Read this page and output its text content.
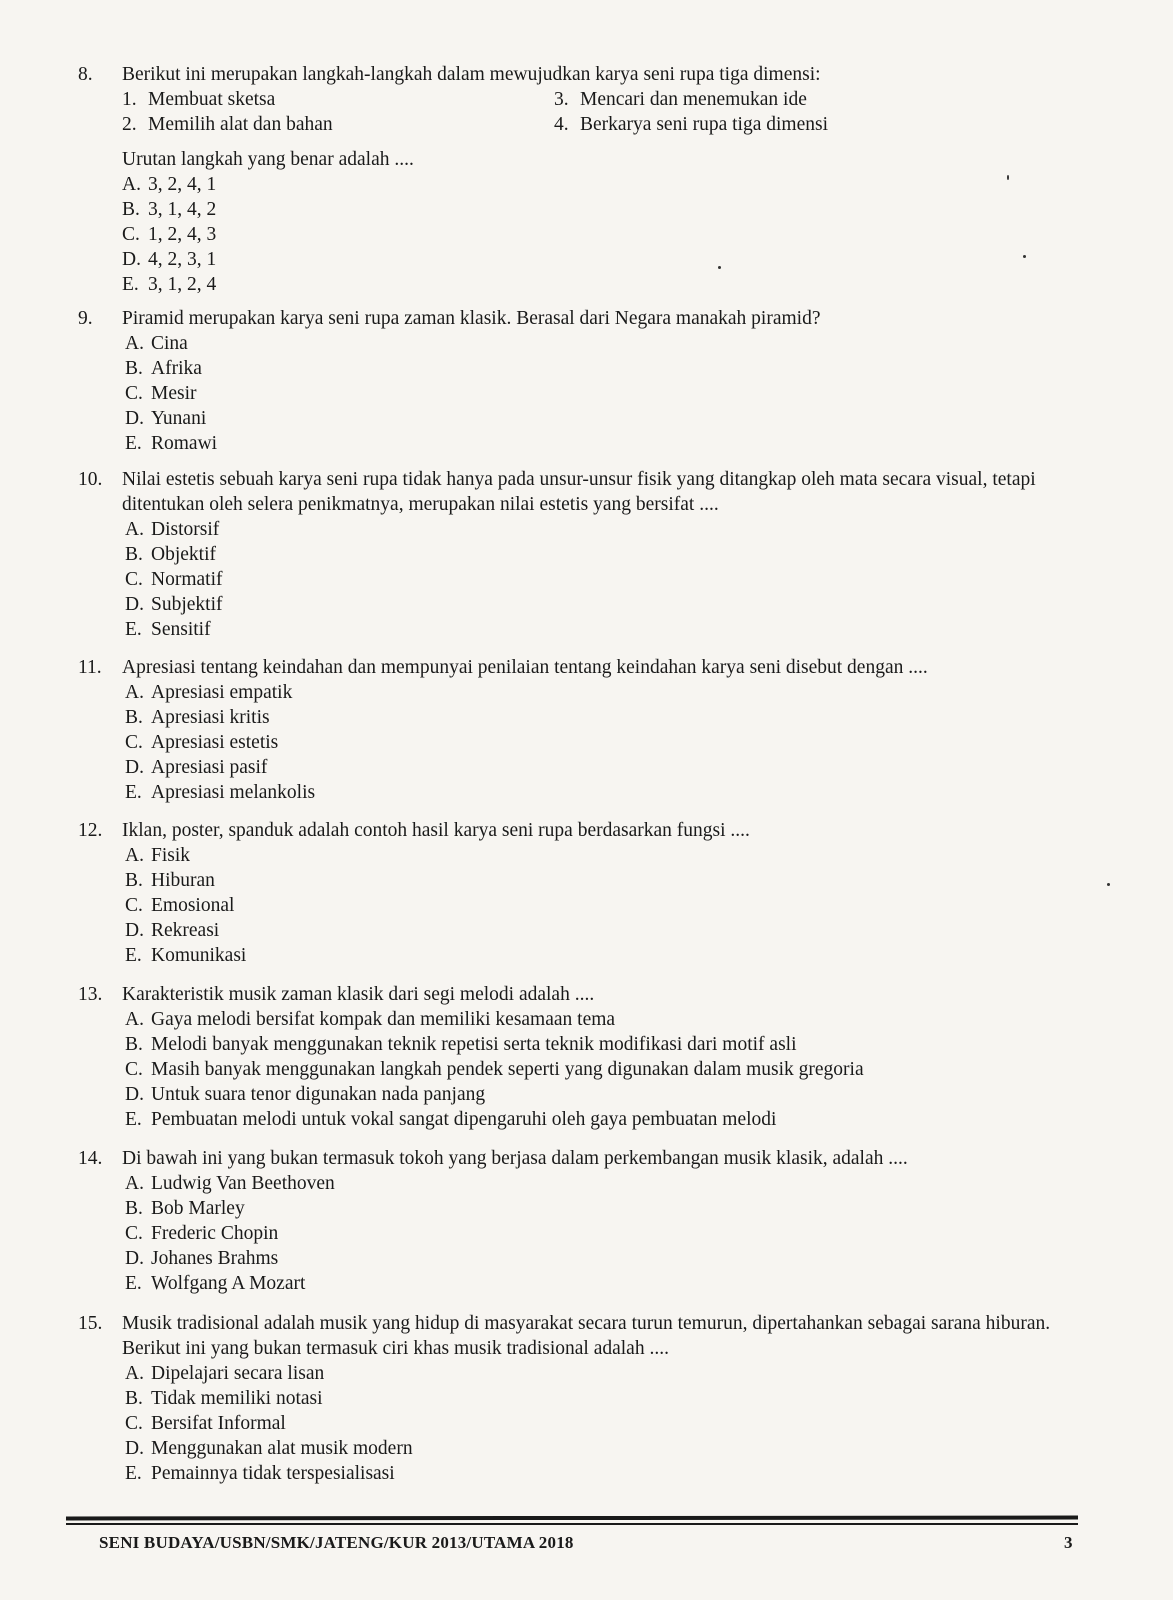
8. Berikut ini merupakan langkah-langkah dalam mewujudkan karya seni rupa tiga dimensi:
1. Membuat sketsa	3. Mencari dan menemukan ide
2. Memilih alat dan bahan	4. Berkarya seni rupa tiga dimensi
Urutan langkah yang benar adalah ....
A. 3, 2, 4, 1
B. 3, 1, 4, 2
C. 1, 2, 4, 3
D. 4, 2, 3, 1
E. 3, 1, 2, 4
9. Piramid merupakan karya seni rupa zaman klasik. Berasal dari Negara manakah piramid?
A. Cina
B. Afrika
C. Mesir
D. Yunani
E. Romawi
10. Nilai estetis sebuah karya seni rupa tidak hanya pada unsur-unsur fisik yang ditangkap oleh mata secara visual, tetapi ditentukan oleh selera penikmatnya, merupakan nilai estetis yang bersifat ....
A. Distorsif
B. Objektif
C. Normatif
D. Subjektif
E. Sensitif
11. Apresiasi tentang keindahan dan mempunyai penilaian tentang keindahan karya seni disebut dengan ....
A. Apresiasi empatik
B. Apresiasi kritis
C. Apresiasi estetis
D. Apresiasi pasif
E. Apresiasi melankolis
12. Iklan, poster, spanduk adalah contoh hasil karya seni rupa berdasarkan fungsi ....
A. Fisik
B. Hiburan
C. Emosional
D. Rekreasi
E. Komunikasi
13. Karakteristik musik zaman klasik dari segi melodi adalah ....
A. Gaya melodi bersifat kompak dan memiliki kesamaan tema
B. Melodi banyak menggunakan teknik repetisi serta teknik modifikasi dari motif asli
C. Masih banyak menggunakan langkah pendek seperti yang digunakan dalam musik gregoria
D. Untuk suara tenor digunakan nada panjang
E. Pembuatan melodi untuk vokal sangat dipengaruhi oleh gaya pembuatan melodi
14. Di bawah ini yang bukan termasuk tokoh yang berjasa dalam perkembangan musik klasik, adalah ....
A. Ludwig Van Beethoven
B. Bob Marley
C. Frederic Chopin
D. Johanes Brahms
E. Wolfgang A Mozart
15. Musik tradisional adalah musik yang hidup di masyarakat secara turun temurun, dipertahankan sebagai sarana hiburan. Berikut ini yang bukan termasuk ciri khas musik tradisional adalah ....
A. Dipelajari secara lisan
B. Tidak memiliki notasi
C. Bersifat Informal
D. Menggunakan alat musik modern
E. Pemainnya tidak terspesialisasi
SENI BUDAYA/USBN/SMK/JATENG/KUR 2013/UTAMA 2018	3
